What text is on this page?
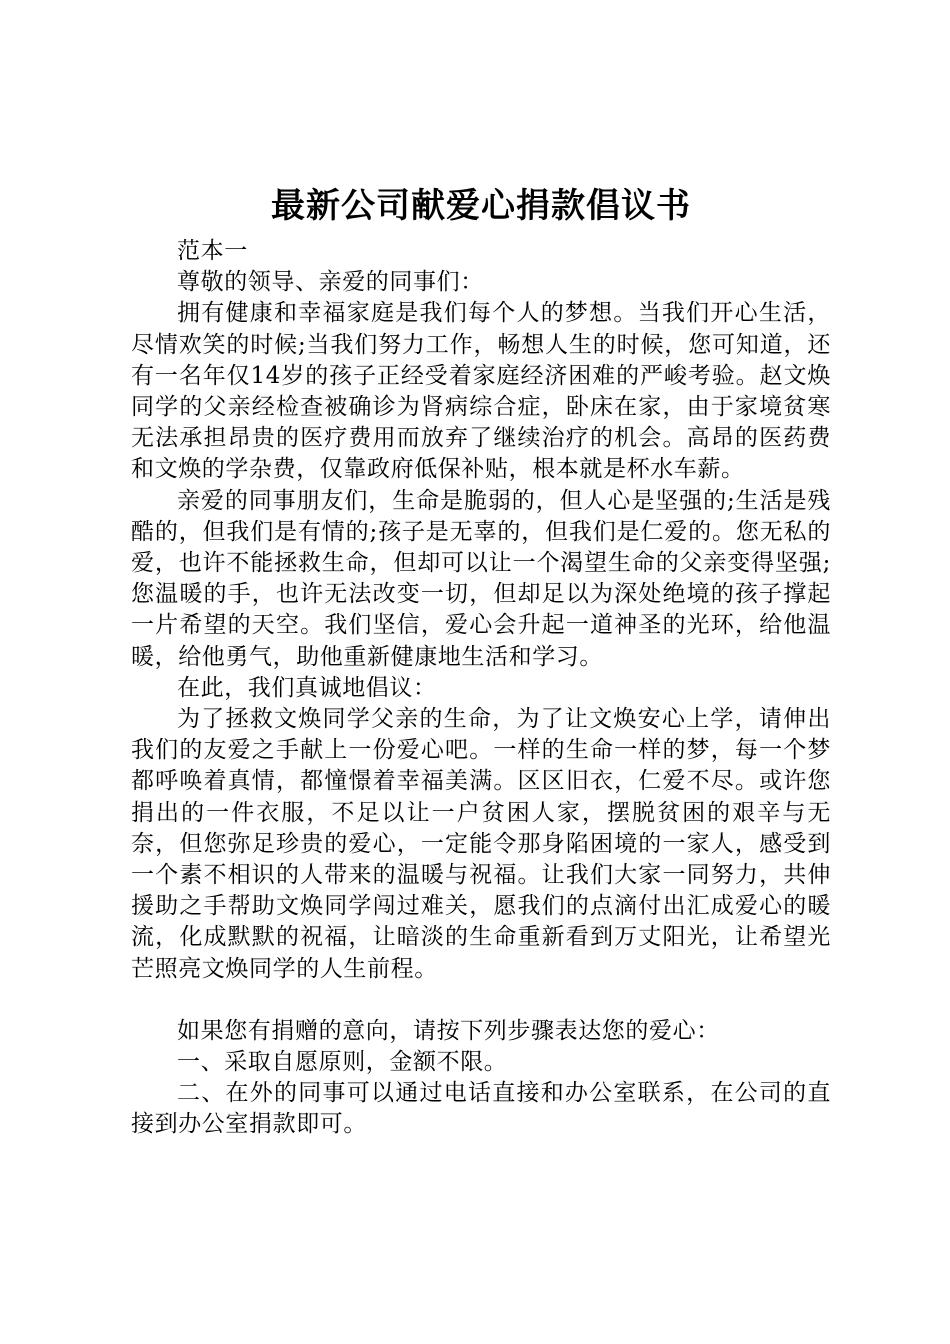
最新公司献爱心捐款倡议书

范本一

尊敬的领导、亲爱的同事们：

拥有健康和幸福家庭是我们每个人的梦想。当我们开心生活，尽情欢笑的时候;当我们努力工作，畅想人生的时候，您可知道，还有一名年仅14岁的孩子正经受着家庭经济困难的严峻考验。赵文焕同学的父亲经检查被确诊为肾病综合症，卧床在家，由于家境贫寒无法承担昂贵的医疗费用而放弃了继续治疗的机会。高昂的医药费和文焕的学杂费，仅靠政府低保补贴，根本就是杯水车薪。

亲爱的同事朋友们，生命是脆弱的，但人心是坚强的;生活是残酷的，但我们是有情的;孩子是无辜的，但我们是仁爱的。您无私的爱，也许不能拯救生命，但却可以让一个渴望生命的父亲变得坚强;您温暖的手，也许无法改变一切，但却足以为深处绝境的孩子撑起一片希望的天空。我们坚信，爱心会升起一道神圣的光环，给他温暖，给他勇气，助他重新健康地生活和学习。

在此，我们真诚地倡议：

为了拯救文焕同学父亲的生命，为了让文焕安心上学，请伸出我们的友爱之手献上一份爱心吧。一样的生命一样的梦，每一个梦都呼唤着真情，都憧憬着幸福美满。区区旧衣，仁爱不尽。或许您捐出的一件衣服，不足以让一户贫困人家，摆脱贫困的艰辛与无奈，但您弥足珍贵的爱心，一定能令那身陷困境的一家人，感受到一个素不相识的人带来的温暖与祝福。让我们大家一同努力，共伸援助之手帮助文焕同学闯过难关，愿我们的点滴付出汇成爱心的暖流，化成默默的祝福，让暗淡的生命重新看到万丈阳光，让希望光芒照亮文焕同学的人生前程。

如果您有捐赠的意向，请按下列步骤表达您的爱心：

一、采取自愿原则，金额不限。

二、在外的同事可以通过电话直接和办公室联系，在公司的直接到办公室捐款即可。
